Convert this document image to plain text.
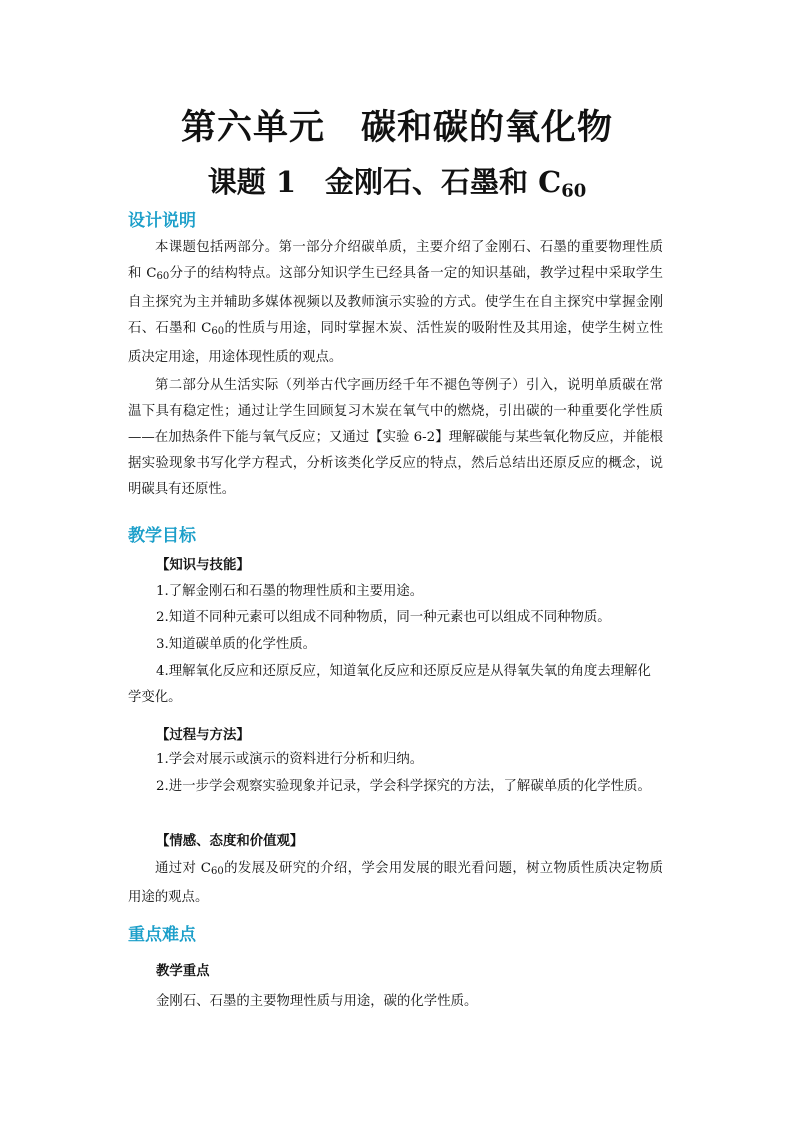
第六单元　碳和碳的氧化物
课题 1　金刚石、石墨和 C60
设计说明

本课题包括两部分。第一部分介绍碳单质，主要介绍了金刚石、石墨的重要物理性质和 C60分子的结构特点。这部分知识学生已经具备一定的知识基础，教学过程中采取学生自主探究为主并辅助多媒体视频以及教师演示实验的方式。使学生在自主探究中掌握金刚石、石墨和 C60的性质与用途，同时掌握木炭、活性炭的吸附性及其用途，使学生树立性质决定用途，用途体现性质的观点。

第二部分从生活实际（列举古代字画历经千年不褪色等例子）引入，说明单质碳在常温下具有稳定性；通过让学生回顾复习木炭在氧气中的燃烧，引出碳的一种重要化学性质——在加热条件下能与氧气反应；又通过【实验 6-2】理解碳能与某些氧化物反应，并能根据实验现象书写化学方程式，分析该类化学反应的特点，然后总结出还原反应的概念，说明碳具有还原性。

教学目标

【知识与技能】

1.了解金刚石和石墨的物理性质和主要用途。

2.知道不同种元素可以组成不同种物质，同一种元素也可以组成不同种物质。

3.知道碳单质的化学性质。

4.理解氧化反应和还原反应，知道氧化反应和还原反应是从得氧失氧的角度去理解化学变化。

【过程与方法】

1.学会对展示或演示的资料进行分析和归纳。

2.进一步学会观察实验现象并记录，学会科学探究的方法，了解碳单质的化学性质。

【情感、态度和价值观】

通过对 C60的发展及研究的介绍，学会用发展的眼光看问题，树立物质性质决定物质用途的观点。

重点难点

教学重点

金刚石、石墨的主要物理性质与用途，碳的化学性质。
